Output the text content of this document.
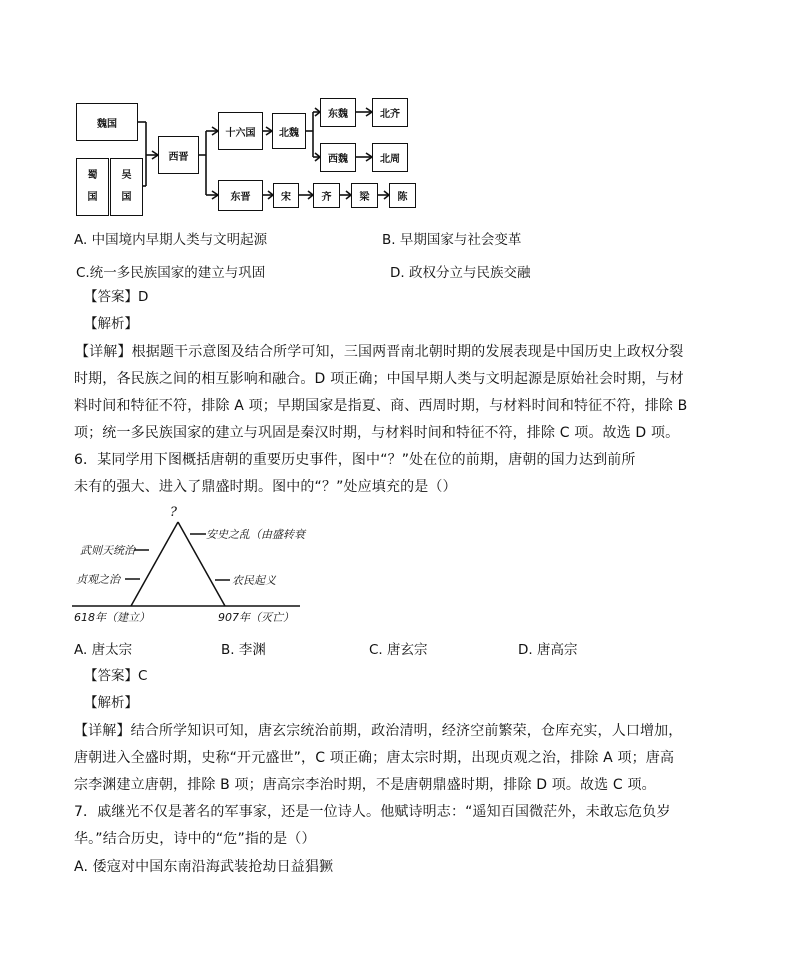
魏国
蜀
国
吴
国
西晋
十六国 北魏
东魏	北齐
西魏	北周
东晋	宋	齐	梁	陈
A. 中国境内早期人类与文明起源	B. 早期国家与社会变革
C.统一多民族国家的建立与巩固	D. 政权分立与民族交融
【答案】D
【解析】
【详解】根据题干示意图及结合所学可知，三国两晋南北朝时期的发展表现是中国历史上政权分裂
时期，各民族之间的相互影响和融合。D 项正确；中国早期人类与文明起源是原始社会时期，与材
料时间和特征不符，排除 A 项；早期国家是指夏、商、西周时期，与材料时间和特征不符，排除 B
项；统一多民族国家的建立与巩固是秦汉时期，与材料时间和特征不符，排除 C 项。故选 D 项。
6．某同学用下图概括唐朝的重要历史事件，图中“？”处在位的前期，唐朝的国力达到前所
未有的强大、进入了鼎盛时期。图中的“？”处应填充的是（）
?
安史之乱（由盛转衰
武则天统治
贞观之治	农民起义
618年（建立）	907年（灭亡）
A. 唐太宗	B. 李渊	C. 唐玄宗	D. 唐高宗
【答案】C
【解析】
【详解】结合所学知识可知，唐玄宗统治前期，政治清明，经济空前繁荣，仓库充实，人口增加，
唐朝进入全盛时期，史称“开元盛世”，C 项正确；唐太宗时期，出现贞观之治，排除 A 项；唐高
宗李渊建立唐朝，排除 B 项；唐高宗李治时期，不是唐朝鼎盛时期，排除 D 项。故选 C 项。
7．戚继光不仅是著名的军事家，还是一位诗人。他赋诗明志：“遥知百国微茫外，未敢忘危负岁
华。”结合历史，诗中的“危”指的是（）
A. 倭寇对中国东南沿海武装抢劫日益猖獗
